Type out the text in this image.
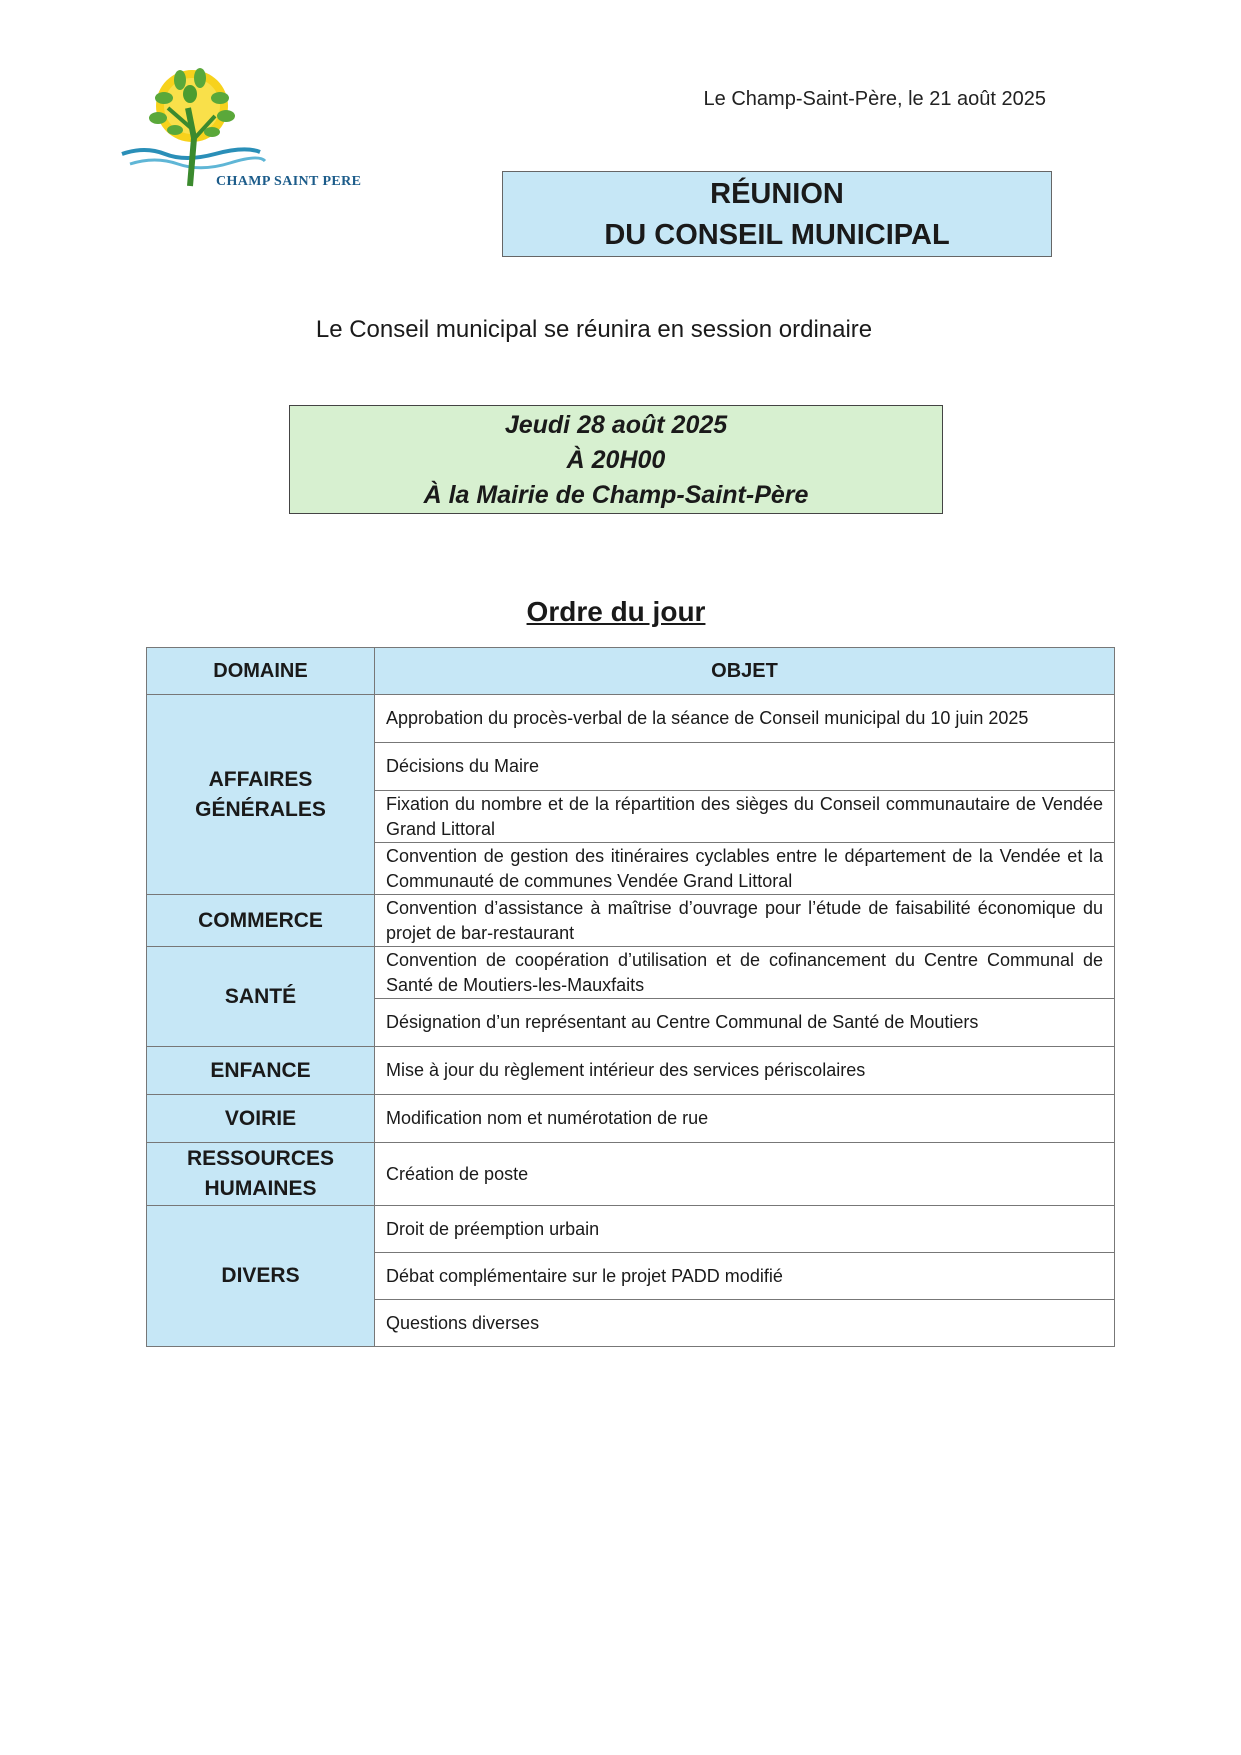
CHAMP SAINT PERE
Le Champ-Saint-Père, le 21 août 2025
RÉUNION
DU CONSEIL MUNICIPAL
Le Conseil municipal se réunira en session ordinaire
Jeudi 28 août 2025
À 20H00
À la Mairie de Champ-Saint-Père
Ordre du jour
DOMAINE	OBJET
AFFAIRES
GÉNÉRALES	Approbation du procès-verbal de la séance de Conseil municipal du 10 juin 2025
	Décisions du Maire
	Fixation du nombre et de la répartition des sièges du Conseil communautaire de Vendée Grand Littoral
	Convention de gestion des itinéraires cyclables entre le département de la Vendée et la Communauté de communes Vendée Grand Littoral
COMMERCE	Convention d’assistance à maîtrise d’ouvrage pour l’étude de faisabilité économique du projet de bar-restaurant
SANTÉ	Convention de coopération d’utilisation et de cofinancement du Centre Communal de Santé de Moutiers-les-Mauxfaits
	Désignation d’un représentant au Centre Communal de Santé de Moutiers
ENFANCE	Mise à jour du règlement intérieur des services périscolaires
VOIRIE	Modification nom et numérotation de rue
RESSOURCES
HUMAINES	Création de poste
DIVERS	Droit de préemption urbain
	Débat complémentaire sur le projet PADD modifié
	Questions diverses
